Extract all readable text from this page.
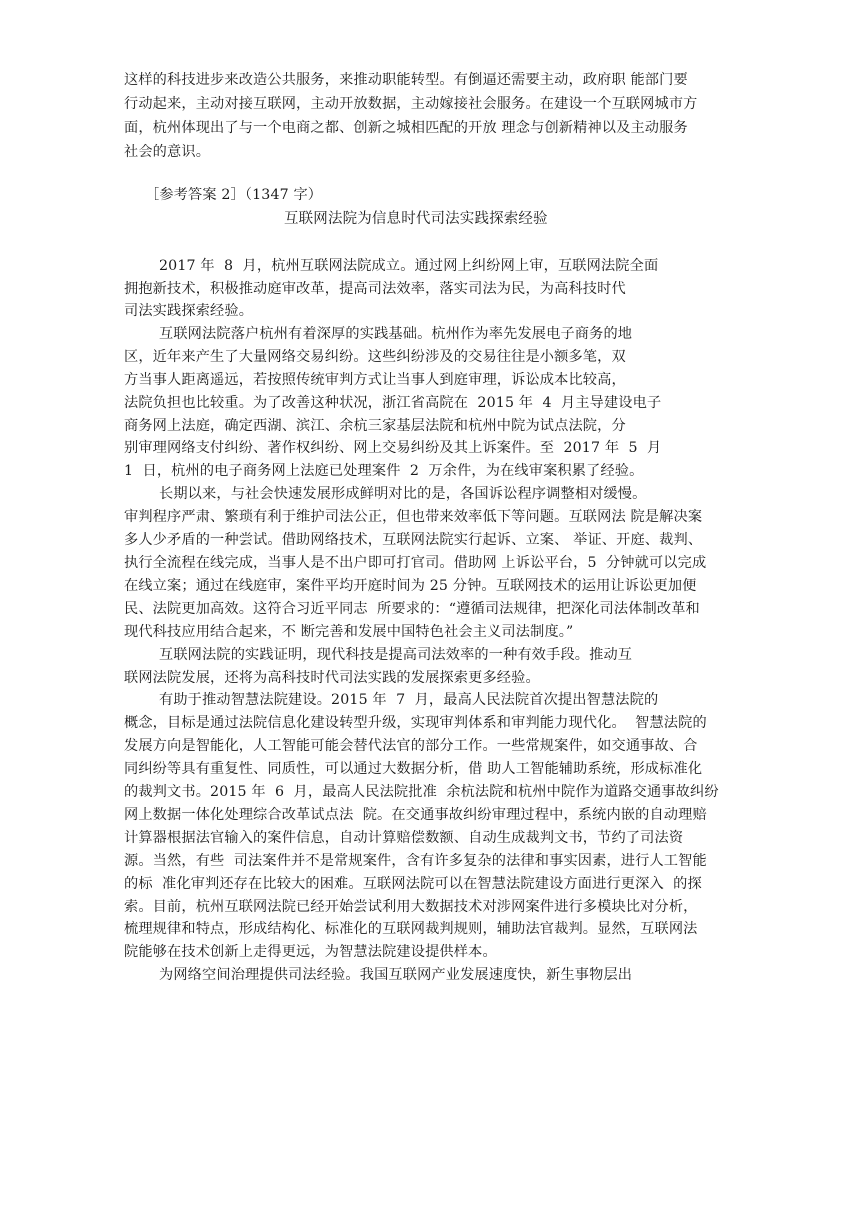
这样的科技进步来改造公共服务，来推动职能转型。有倒逼还需要主动，政府职 能部门要
行动起来，主动对接互联网，主动开放数据，主动嫁接社会服务。在建设一个互联网城市方
面，杭州体现出了与一个电商之都、创新之城相匹配的开放 理念与创新精神以及主动服务
社会的意识。
［参考答案 2］（1347 字）
互联网法院为信息时代司法实践探索经验
2017 年  8  月，杭州互联网法院成立。通过网上纠纷网上审，互联网法院全面
拥抱新技术，积极推动庭审改革，提高司法效率，落实司法为民，为高科技时代
司法实践探索经验。
互联网法院落户杭州有着深厚的实践基础。杭州作为率先发展电子商务的地
区，近年来产生了大量网络交易纠纷。这些纠纷涉及的交易往往是小额多笔，双
方当事人距离遥远，若按照传统审判方式让当事人到庭审理，诉讼成本比较高，
法院负担也比较重。为了改善这种状况，浙江省高院在  2015 年  4  月主导建设电子
商务网上法庭，确定西湖、滨江、余杭三家基层法院和杭州中院为试点法院，分
别审理网络支付纠纷、著作权纠纷、网上交易纠纷及其上诉案件。至  2017 年  5  月
1  日，杭州的电子商务网上法庭已处理案件  2  万余件，为在线审案积累了经验。
长期以来，与社会快速发展形成鲜明对比的是，各国诉讼程序调整相对缓慢。
审判程序严肃、繁琐有利于维护司法公正，但也带来效率低下等问题。互联网法 院是解决案
多人少矛盾的一种尝试。借助网络技术，互联网法院实行起诉、立案、 举证、开庭、裁判、
执行全流程在线完成，当事人是不出户即可打官司。借助网 上诉讼平台，5  分钟就可以完成
在线立案；通过在线庭审，案件平均开庭时间为 25 分钟。互联网技术的运用让诉讼更加便
民、法院更加高效。这符合习近平同志  所要求的：“遵循司法规律，把深化司法体制改革和
现代科技应用结合起来，不 断完善和发展中国特色社会主义司法制度。”
互联网法院的实践证明，现代科技是提高司法效率的一种有效手段。推动互
联网法院发展，还将为高科技时代司法实践的发展探索更多经验。
有助于推动智慧法院建设。2015 年  7  月，最高人民法院首次提出智慧法院的
概念，目标是通过法院信息化建设转型升级，实现审判体系和审判能力现代化。  智慧法院的
发展方向是智能化，人工智能可能会替代法官的部分工作。一些常规案件，如交通事故、合
同纠纷等具有重复性、同质性，可以通过大数据分析，借 助人工智能辅助系统，形成标准化
的裁判文书。2015 年  6  月，最高人民法院批准  余杭法院和杭州中院作为道路交通事故纠纷
网上数据一体化处理综合改革试点法  院。在交通事故纠纷审理过程中，系统内嵌的自动理赔
计算器根据法官输入的案件信息，自动计算赔偿数额、自动生成裁判文书，节约了司法资
源。当然，有些  司法案件并不是常规案件，含有许多复杂的法律和事实因素，进行人工智能
的标  准化审判还存在比较大的困难。互联网法院可以在智慧法院建设方面进行更深入  的探
索。目前，杭州互联网法院已经开始尝试利用大数据技术对涉网案件进行多模块比对分析，
梳理规律和特点，形成结构化、标准化的互联网裁判规则，辅助法官裁判。显然，互联网法
院能够在技术创新上走得更远，为智慧法院建设提供样本。
为网络空间治理提供司法经验。我国互联网产业发展速度快，新生事物层出
